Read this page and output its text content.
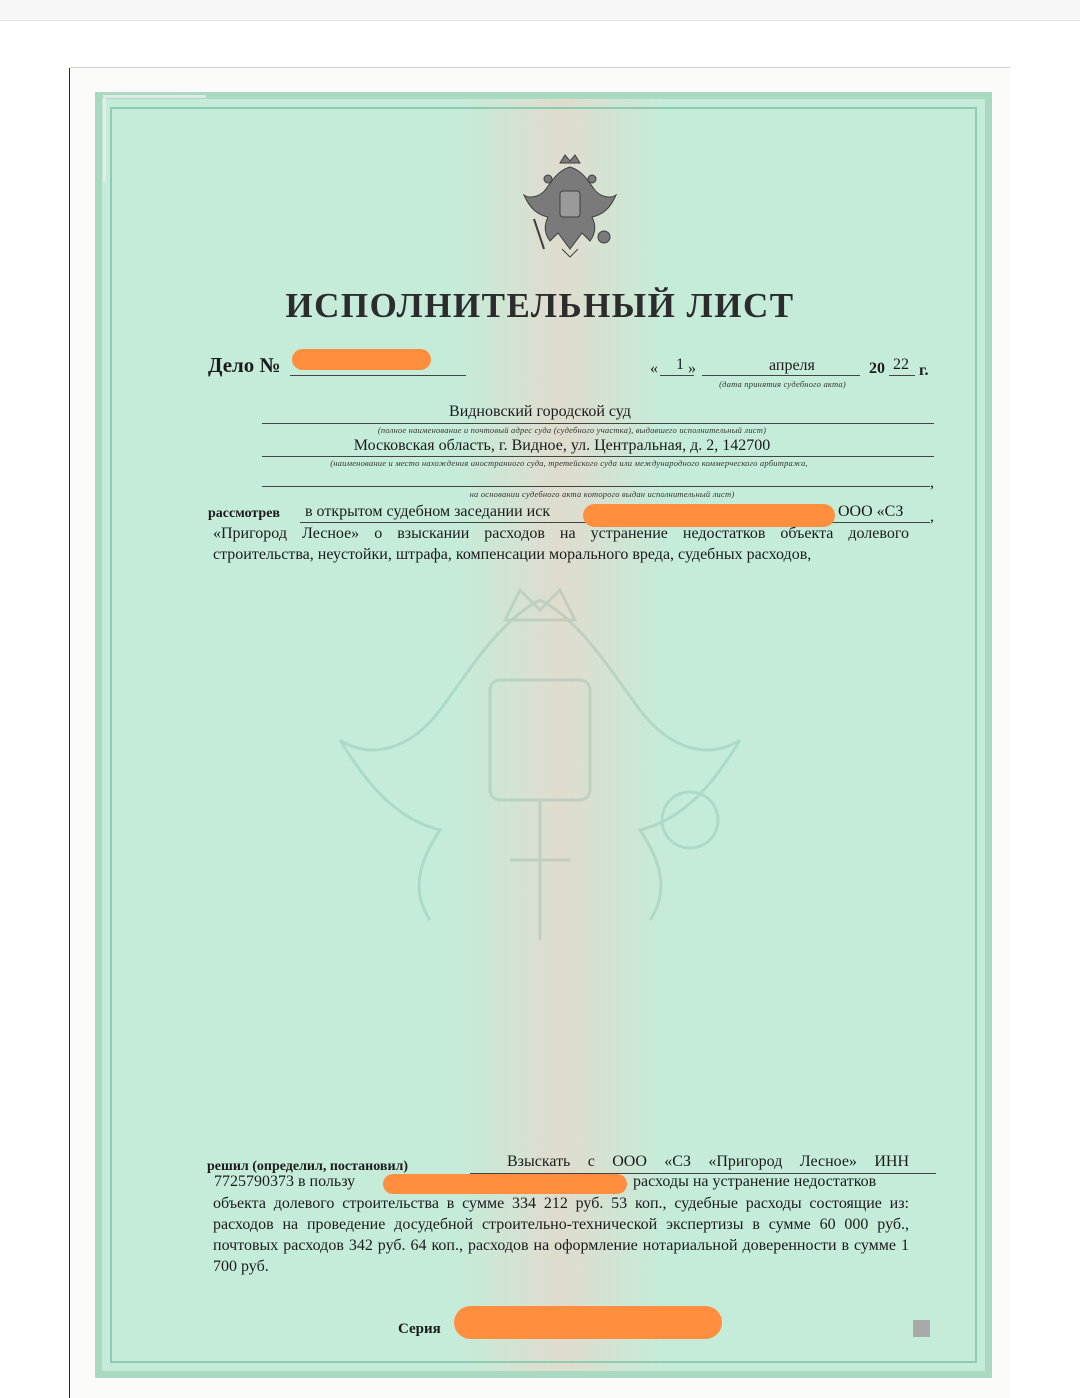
ИСПОЛНИТЕЛЬНЫЙ ЛИСТ
Дело №	« 1 »	апреля	20 22 г.
(дата принятия судебного акта)
Видновский городской суд
(полное наименование и почтовый адрес суда (судебного участка), выдавшего исполнительный лист)
Московская область, г. Видное, ул. Центральная, д. 2, 142700
(наименование и место нахождения иностранного суда, третейского суда или международного коммерческого арбитража,
,
на основании судебного акта которого выдан исполнительный лист)
рассмотрев в открытом судебном заседании иск	ООО «СЗ ,
«Пригород Лесное» о взыскании расходов на устранение недостатков объекта долевого строительства, неустойки, штрафа, компенсации морального вреда, судебных расходов,
решил (определил, постановил)	Взыскать с ООО «СЗ «Пригород Лесное» ИНН
7725790373 в пользу	расходы на устранение недостатков
объекта долевого строительства в сумме 334 212 руб. 53 коп., судебные расходы состоящие из: расходов на проведение досудебной строительно-технической экспертизы в сумме 60 000 руб., почтовых расходов 342 руб. 64 коп., расходов на оформление нотариальной доверенности в сумме 1 700 руб.
Серия
